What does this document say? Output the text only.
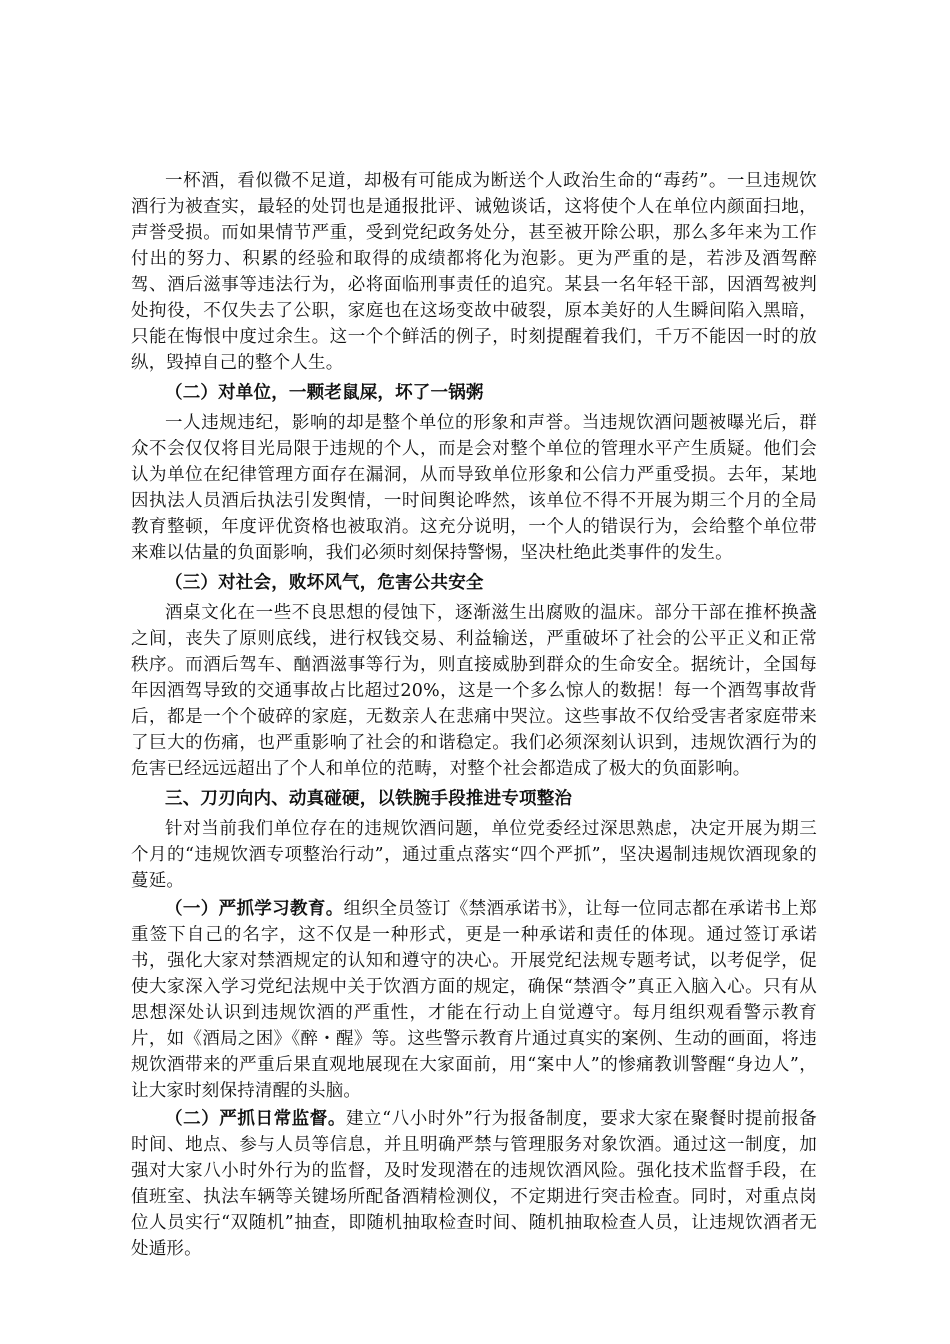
一杯酒，看似微不足道，却极有可能成为断送个人政治生命的“毒药”。一旦违规饮酒行为被查实，最轻的处罚也是通报批评、诫勉谈话，这将使个人在单位内颜面扫地，声誉受损。而如果情节严重，受到党纪政务处分，甚至被开除公职，那么多年来为工作付出的努力、积累的经验和取得的成绩都将化为泡影。更为严重的是，若涉及酒驾醉驾、酒后滋事等违法行为，必将面临刑事责任的追究。某县一名年轻干部，因酒驾被判处拘役，不仅失去了公职，家庭也在这场变故中破裂，原本美好的人生瞬间陷入黑暗，只能在悔恨中度过余生。这一个个鲜活的例子，时刻提醒着我们，千万不能因一时的放纵，毁掉自己的整个人生。

（二）对单位，一颗老鼠屎，坏了一锅粥

一人违规违纪，影响的却是整个单位的形象和声誉。当违规饮酒问题被曝光后，群众不会仅仅将目光局限于违规的个人，而是会对整个单位的管理水平产生质疑。他们会认为单位在纪律管理方面存在漏洞，从而导致单位形象和公信力严重受损。去年，某地因执法人员酒后执法引发舆情，一时间舆论哗然，该单位不得不开展为期三个月的全局教育整顿，年度评优资格也被取消。这充分说明，一个人的错误行为，会给整个单位带来难以估量的负面影响，我们必须时刻保持警惕，坚决杜绝此类事件的发生。

（三）对社会，败坏风气，危害公共安全

酒桌文化在一些不良思想的侵蚀下，逐渐滋生出腐败的温床。部分干部在推杯换盏之间，丧失了原则底线，进行权钱交易、利益输送，严重破坏了社会的公平正义和正常秩序。而酒后驾车、酗酒滋事等行为，则直接威胁到群众的生命安全。据统计，全国每年因酒驾导致的交通事故占比超过20%，这是一个多么惊人的数据！每一个酒驾事故背后，都是一个个破碎的家庭，无数亲人在悲痛中哭泣。这些事故不仅给受害者家庭带来了巨大的伤痛，也严重影响了社会的和谐稳定。我们必须深刻认识到，违规饮酒行为的危害已经远远超出了个人和单位的范畴，对整个社会都造成了极大的负面影响。

三、刀刃向内、动真碰硬，以铁腕手段推进专项整治

针对当前我们单位存在的违规饮酒问题，单位党委经过深思熟虑，决定开展为期三个月的“违规饮酒专项整治行动”，通过重点落实“四个严抓”，坚决遏制违规饮酒现象的蔓延。

（一）严抓学习教育。组织全员签订《禁酒承诺书》，让每一位同志都在承诺书上郑重签下自己的名字，这不仅是一种形式，更是一种承诺和责任的体现。通过签订承诺书，强化大家对禁酒规定的认知和遵守的决心。开展党纪法规专题考试，以考促学，促使大家深入学习党纪法规中关于饮酒方面的规定，确保“禁酒令”真正入脑入心。只有从思想深处认识到违规饮酒的严重性，才能在行动上自觉遵守。每月组织观看警示教育片，如《酒局之困》《醉・醒》等。这些警示教育片通过真实的案例、生动的画面，将违规饮酒带来的严重后果直观地展现在大家面前，用“案中人”的惨痛教训警醒“身边人”，让大家时刻保持清醒的头脑。

（二）严抓日常监督。建立“八小时外”行为报备制度，要求大家在聚餐时提前报备时间、地点、参与人员等信息，并且明确严禁与管理服务对象饮酒。通过这一制度，加强对大家八小时外行为的监督，及时发现潜在的违规饮酒风险。强化技术监督手段，在值班室、执法车辆等关键场所配备酒精检测仪，不定期进行突击检查。同时，对重点岗位人员实行“双随机”抽查，即随机抽取检查时间、随机抽取检查人员，让违规饮酒者无处遁形。
